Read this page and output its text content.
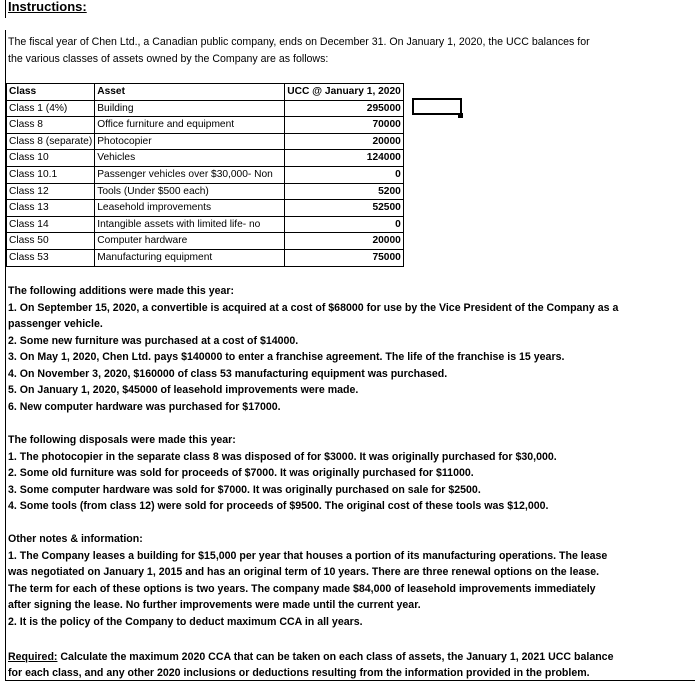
Instructions:
The fiscal year of Chen Ltd., a Canadian public company, ends on December 31. On January 1, 2020, the UCC balances for
the various classes of assets owned by the Company are as follows:
Class	Asset	UCC @ January 1, 2020
Class 1 (4%)	Building	295000
Class 8	Office furniture and equipment	70000
Class 8 (separate)	Photocopier	20000
Class 10	Vehicles	124000
Class 10.1	Passenger vehicles over $30,000- Non	0
Class 12	Tools (Under $500 each)	5200
Class 13	Leasehold improvements	52500
Class 14	Intangible assets with limited life- no	0
Class 50	Computer hardware	20000
Class 53	Manufacturing equipment	75000
The following additions were made this year:
1. On September 15, 2020, a convertible is acquired at a cost of $68000 for use by the Vice President of the Company as a
passenger vehicle.
2. Some new furniture was purchased at a cost of $14000.
3. On May 1, 2020, Chen Ltd. pays $140000 to enter a franchise agreement. The life of the franchise is 15 years.
4. On November 3, 2020, $160000 of class 53 manufacturing equipment was purchased.
5. On January 1, 2020, $45000 of leasehold improvements were made.
6. New computer hardware was purchased for $17000.
The following disposals were made this year:
1. The photocopier in the separate class 8 was disposed of for $3000. It was originally purchased for $30,000.
2. Some old furniture was sold for proceeds of $7000. It was originally purchased for $11000.
3. Some computer hardware was sold for $7000. It was originally purchased on sale for $2500.
4. Some tools (from class 12) were sold for proceeds of $9500. The original cost of these tools was $12,000.
Other notes & information:
1. The Company leases a building for $15,000 per year that houses a portion of its manufacturing operations. The lease
was negotiated on January 1, 2015 and has an original term of 10 years. There are three renewal options on the lease.
The term for each of these options is two years. The company made $84,000 of leasehold improvements immediately
after signing the lease. No further improvements were made until the current year.
2. It is the policy of the Company to deduct maximum CCA in all years.
Required: Calculate the maximum 2020 CCA that can be taken on each class of assets, the January 1, 2021 UCC balance
for each class, and any other 2020 inclusions or deductions resulting from the information provided in the problem.
